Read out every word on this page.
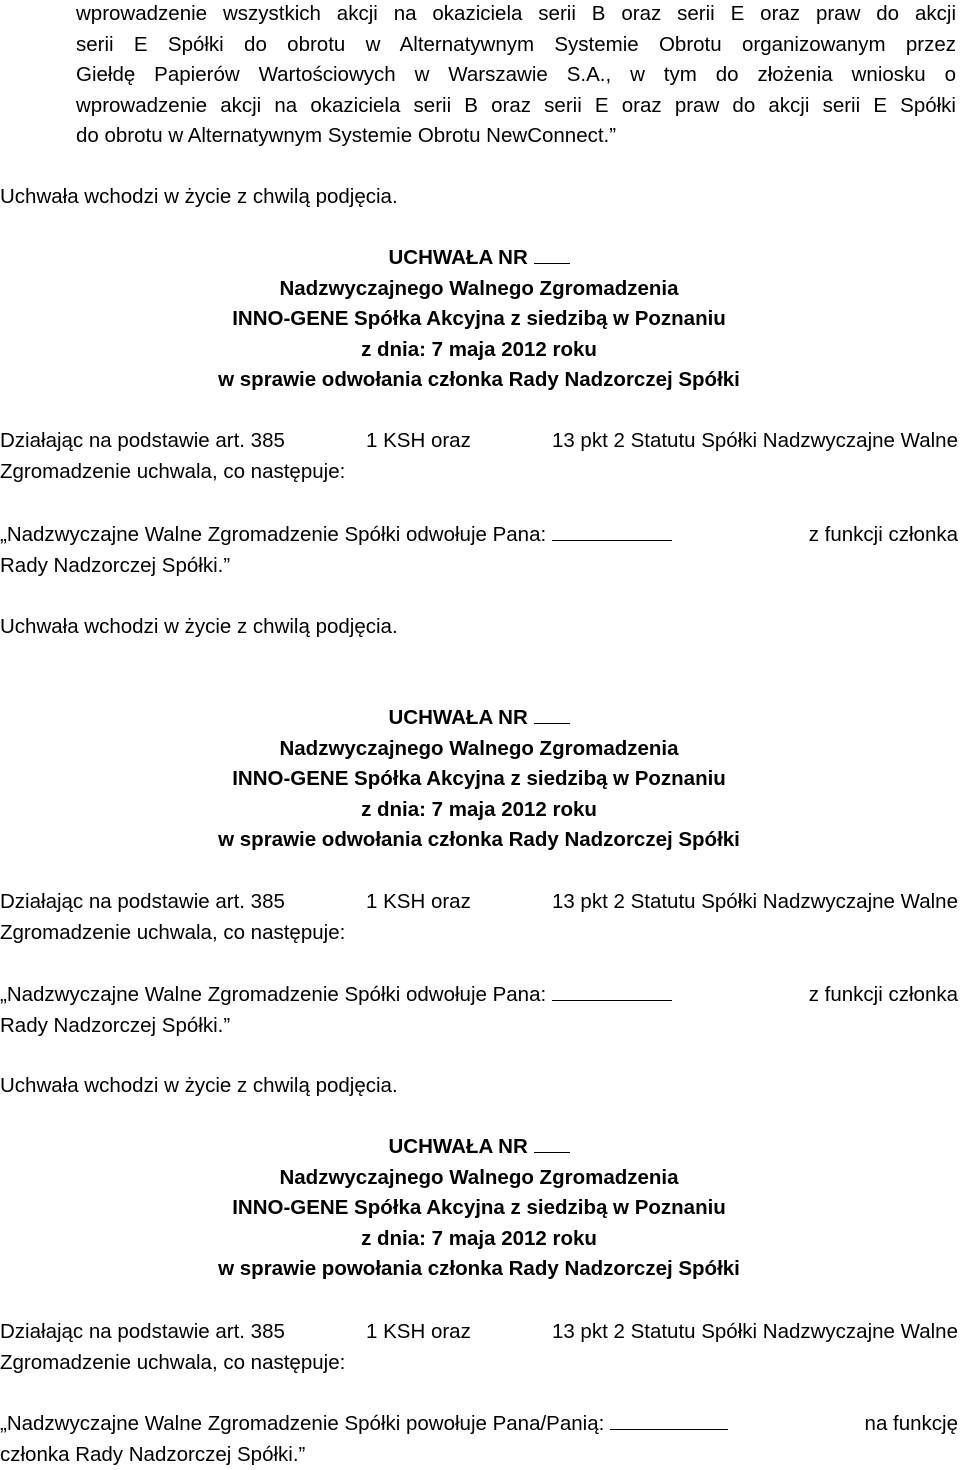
wprowadzenie wszystkich akcji na okaziciela serii B oraz serii E oraz praw do akcji

serii E Spółki do obrotu w Alternatywnym Systemie Obrotu organizowanym przez

Giełdę Papierów Wartościowych w Warszawie S.A., w tym do złożenia wniosku o

wprowadzenie akcji na okaziciela serii B oraz serii E oraz praw do akcji serii E Spółki

do obrotu w Alternatywnym Systemie Obrotu NewConnect.”

Uchwała wchodzi w życie z chwilą podjęcia.

UCHWAŁA NR

Nadzwyczajnego Walnego Zgromadzenia

INNO-GENE Spółka Akcyjna z siedzibą w Poznaniu

z dnia: 7 maja 2012 roku

w sprawie odwołania członka Rady Nadzorczej Spółki

Działając na podstawie art. 385	1 KSH oraz	13 pkt 2 Statutu Spółki Nadzwyczajne Walne

Zgromadzenie uchwala, co następuje:

„Nadzwyczajne Walne Zgromadzenie Spółki odwołuje Pana:	z funkcji członka

Rady Nadzorczej Spółki.”

Uchwała wchodzi w życie z chwilą podjęcia.

UCHWAŁA NR

Nadzwyczajnego Walnego Zgromadzenia

INNO-GENE Spółka Akcyjna z siedzibą w Poznaniu

z dnia: 7 maja 2012 roku

w sprawie odwołania członka Rady Nadzorczej Spółki

Działając na podstawie art. 385	1 KSH oraz	13 pkt 2 Statutu Spółki Nadzwyczajne Walne

Zgromadzenie uchwala, co następuje:

„Nadzwyczajne Walne Zgromadzenie Spółki odwołuje Pana:	z funkcji członka

Rady Nadzorczej Spółki.”

Uchwała wchodzi w życie z chwilą podjęcia.

UCHWAŁA NR

Nadzwyczajnego Walnego Zgromadzenia

INNO-GENE Spółka Akcyjna z siedzibą w Poznaniu

z dnia: 7 maja 2012 roku

w sprawie powołania członka Rady Nadzorczej Spółki

Działając na podstawie art. 385	1 KSH oraz	13 pkt 2 Statutu Spółki Nadzwyczajne Walne

Zgromadzenie uchwala, co następuje:

„Nadzwyczajne Walne Zgromadzenie Spółki powołuje Pana/Panią:	na funkcję

członka Rady Nadzorczej Spółki.”
